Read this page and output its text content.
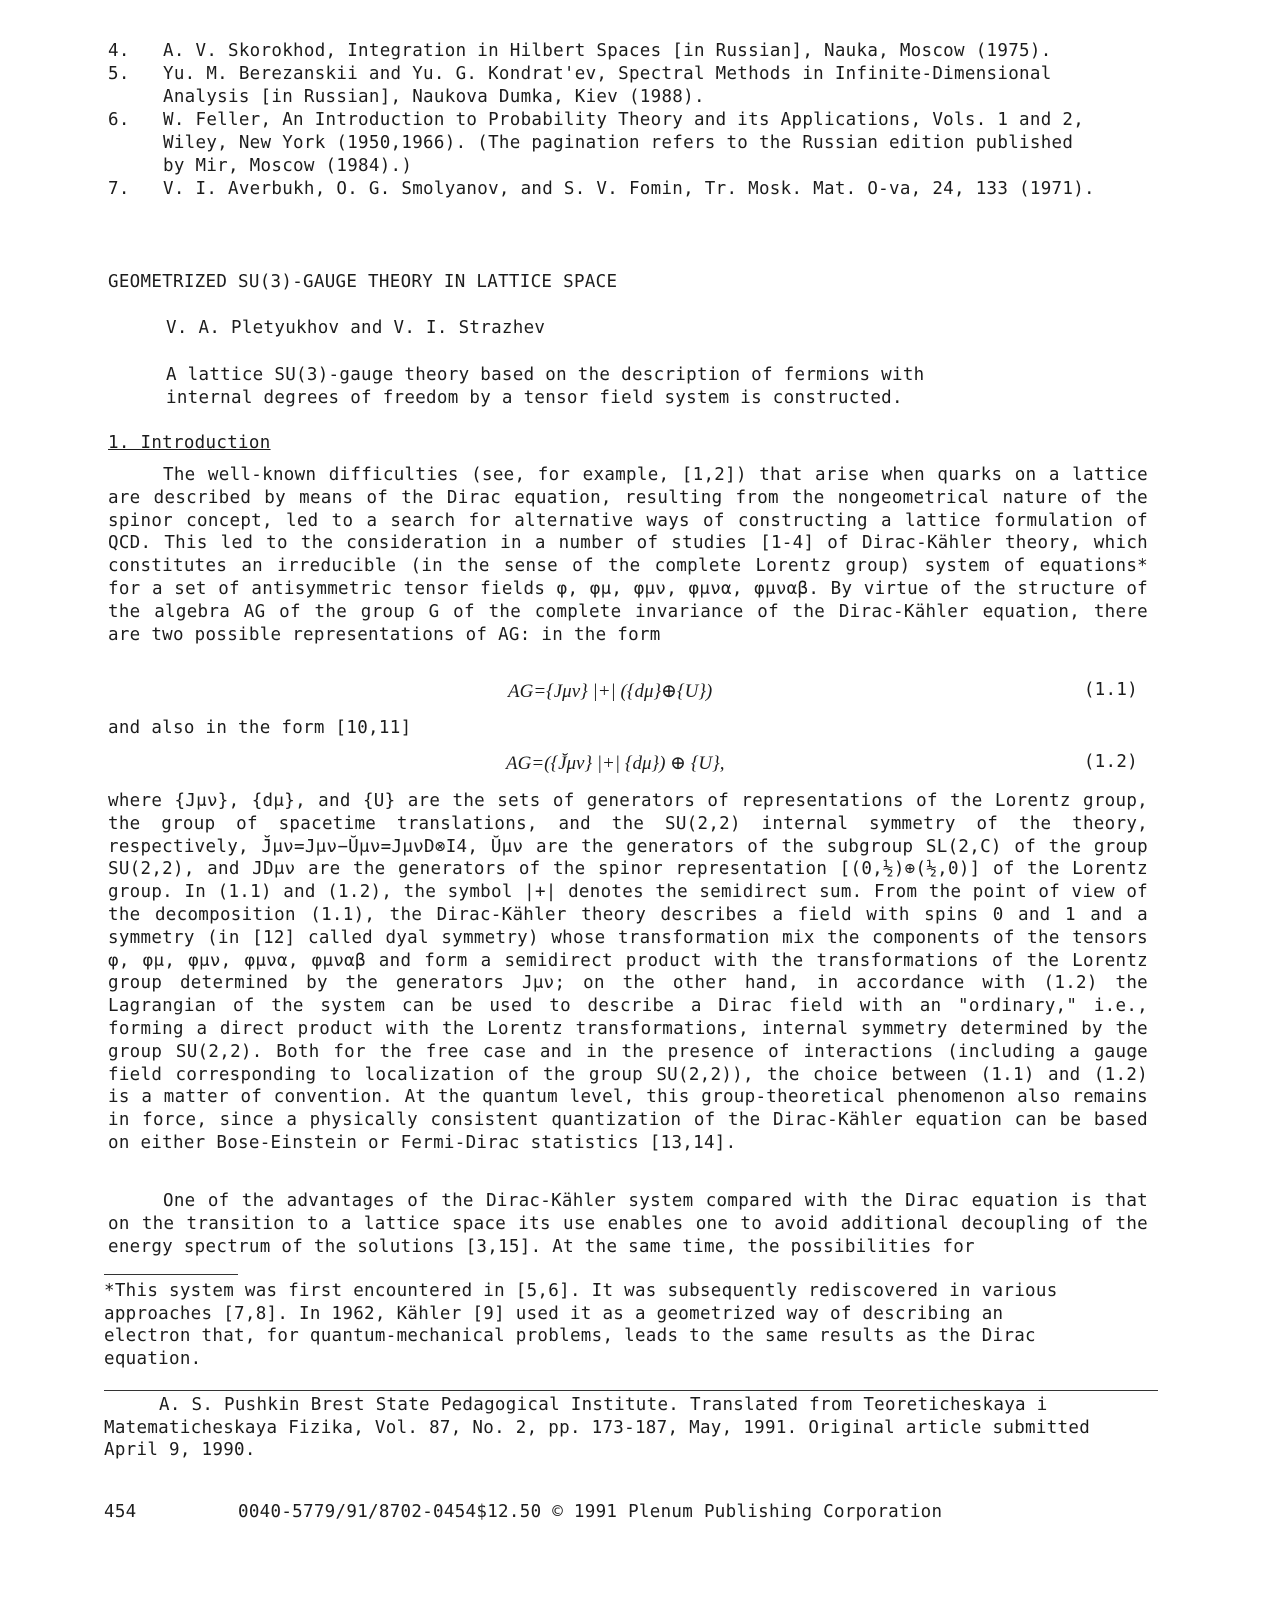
4.	A. V. Skorokhod, Integration in Hilbert Spaces [in Russian], Nauka, Moscow (1975).
5.	Yu. M. Berezanskii and Yu. G. Kondrat'ev, Spectral Methods in Infinite-Dimensional
Analysis [in Russian], Naukova Dumka, Kiev (1988).
6.	W. Feller, An Introduction to Probability Theory and its Applications, Vols. 1 and 2,
Wiley, New York (1950,1966). (The pagination refers to the Russian edition published
by Mir, Moscow (1984).)
7.	V. I. Averbukh, O. G. Smolyanov, and S. V. Fomin, Tr. Mosk. Mat. O-va, 24, 133 (1971).
GEOMETRIZED SU(3)-GAUGE THEORY IN LATTICE SPACE
V. A. Pletyukhov and V. I. Strazhev
A lattice SU(3)-gauge theory based on the description of fermions with
internal degrees of freedom by a tensor field system is constructed.
1. Introduction

The well-known difficulties (see, for example, [1,2]) that arise when quarks on a lattice are described by means of the Dirac equation, resulting from the nongeometrical nature of the spinor concept, led to a search for alternative ways of constructing a lattice formulation of QCD. This led to the consideration in a number of studies [1-4] of Dirac-Kähler theory, which constitutes an irreducible (in the sense of the complete Lorentz group) system of equations* for a set of antisymmetric tensor fields φ, φμ, φμν, φμνα, φμναβ. By virtue of the structure of the algebra AG of the group G of the complete invariance of the Dirac-Kähler equation, there are two possible representations of AG: in the form

AG={Jμν} |+| ({dμ}⊕{U})	(1.1)
and also in the form [10,11]
AG=({J̆μν} |+| {dμ}) ⊕ {U},	(1.2)

where {Jμν}, {dμ}, and {U} are the sets of generators of representations of the Lorentz group, the group of spacetime translations, and the SU(2,2) internal symmetry of the theory, respectively, J̆μν=Jμν−Ŭμν=JμνD⊗I4, Ŭμν are the generators of the subgroup SL(2,C) of the group SU(2,2), and JDμν are the generators of the spinor representation [(0,½)⊕(½,0)] of the Lorentz group. In (1.1) and (1.2), the symbol |+| denotes the semidirect sum. From the point of view of the decomposition (1.1), the Dirac-Kähler theory describes a field with spins 0 and 1 and a symmetry (in [12] called dyal symmetry) whose transformation mix the components of the tensors φ, φμ, φμν, φμνα, φμναβ and form a semidirect product with the transformations of the Lorentz group determined by the generators Jμν; on the other hand, in accordance with (1.2) the Lagrangian of the system can be used to describe a Dirac field with an "ordinary," i.e., forming a direct product with the Lorentz transformations, internal symmetry determined by the group SU(2,2). Both for the free case and in the presence of interactions (including a gauge field corresponding to localization of the group SU(2,2)), the choice between (1.1) and (1.2) is a matter of convention. At the quantum level, this group-theoretical phenomenon also remains in force, since a physically consistent quantization of the Dirac-Kähler equation can be based on either Bose-Einstein or Fermi-Dirac statistics [13,14].

One of the advantages of the Dirac-Kähler system compared with the Dirac equation is that on the transition to a lattice space its use enables one to avoid additional decoupling of the energy spectrum of the solutions [3,15]. At the same time, the possibilities for

*This system was first encountered in [5,6]. It was subsequently rediscovered in various
approaches [7,8]. In 1962, Kähler [9] used it as a geometrized way of describing an
electron that, for quantum-mechanical problems, leads to the same results as the Dirac
equation.

A. S. Pushkin Brest State Pedagogical Institute. Translated from Teoreticheskaya i Matematicheskaya Fizika, Vol. 87, No. 2, pp. 173-187, May, 1991. Original article submitted April 9, 1990.

454	0040-5779/91/8702-0454$12.50 © 1991 Plenum Publishing Corporation
